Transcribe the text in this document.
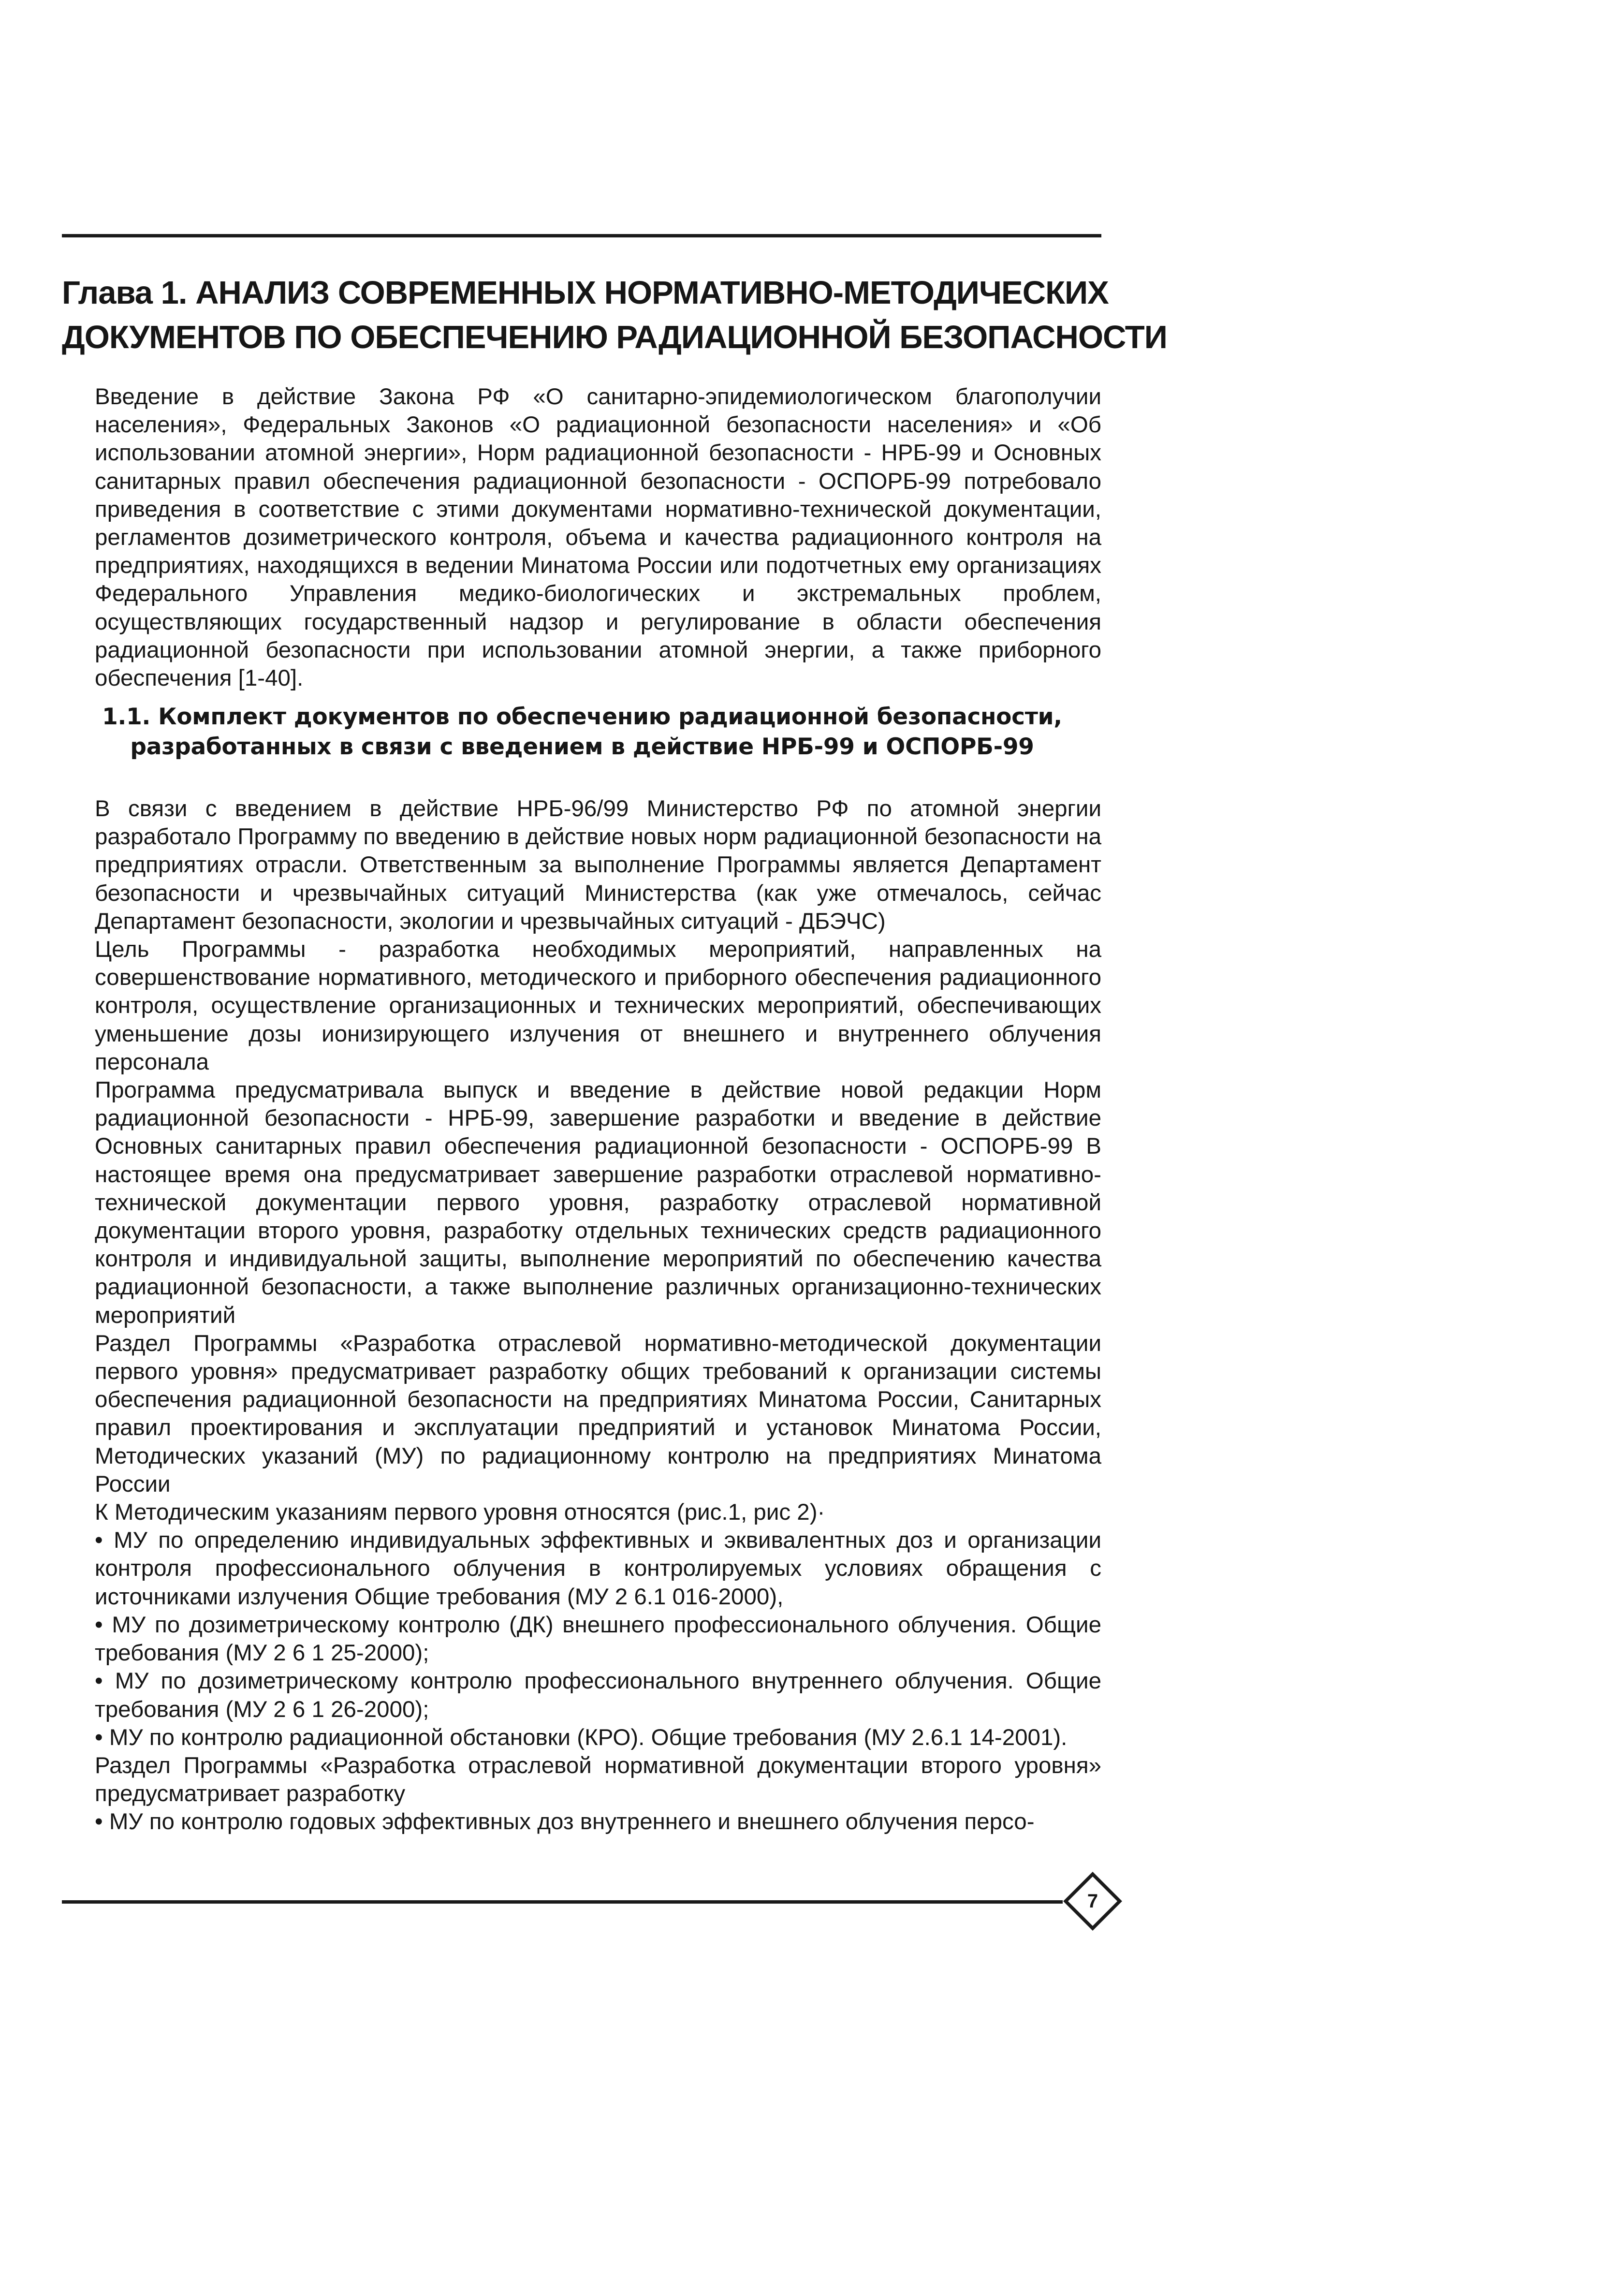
Глава 1. АНАЛИЗ СОВРЕМЕННЫХ НОРМАТИВНО-МЕТОДИЧЕСКИХ
ДОКУМЕНТОВ ПО ОБЕСПЕЧЕНИЮ РАДИАЦИОННОЙ БЕЗОПАСНОСТИ

Введение в действие Закона РФ «О санитарно-эпидемиологическом благополучии населения», Федеральных Законов «О радиационной безопасности населения» и «Об использовании атомной энергии», Норм радиационной безопасности - НРБ-99 и Основных санитарных правил обеспечения радиационной безопасности - ОСПОРБ-99 потребовало приведения в соответствие с этими документами нормативно-технической документации, регламентов дозиметрического контроля, объема и качества радиационного контроля на предприятиях, находящихся в ведении Минатома России или подотчетных ему организациях Федерального Управления медико-биологических и экстремальных проблем, осуществляющих государственный надзор и регулирование в области обеспечения радиационной безопасности при использовании атомной энергии, а также приборного обеспечения [1-40].

1.1. Комплект документов по обеспечению радиационной безопасности,
разработанных в связи с введением в действие НРБ-99 и ОСПОРБ-99

В связи с введением в действие НРБ-96/99 Министерство РФ по атомной энергии разработало Программу по введению в действие новых норм радиационной безопасности на предприятиях отрасли. Ответственным за выполнение Программы является Департамент безопасности и чрезвычайных ситуаций Министерства (как уже отмечалось, сейчас Департамент безопасности, экологии и чрезвычайных ситуаций - ДБЭЧС)

Цель Программы - разработка необходимых мероприятий, направленных на совершенствование нормативного, методического и приборного обеспечения радиационного контроля, осуществление организационных и технических мероприятий, обеспечивающих уменьшение дозы ионизирующего излучения от внешнего и внутреннего облучения персонала

Программа предусматривала выпуск и введение в действие новой редакции Норм радиационной безопасности - НРБ-99, завершение разработки и введение в действие Основных санитарных правил обеспечения радиационной безопасности - ОСПОРБ-99 В настоящее время она предусматривает завершение разработки отраслевой нормативно-технической документации первого уровня, разработку отраслевой нормативной документации второго уровня, разработку отдельных технических средств радиационного контроля и индивидуальной защиты, выполнение мероприятий по обеспечению качества радиационной безопасности, а также выполнение различных организационно-технических мероприятий

Раздел Программы «Разработка отраслевой нормативно-методической документации первого уровня» предусматривает разработку общих требований к организации системы обеспечения радиационной безопасности на предприятиях Минатома России, Санитарных правил проектирования и эксплуатации предприятий и установок Минатома России, Методических указаний (МУ) по радиационному контролю на предприятиях Минатома России

К Методическим указаниям первого уровня относятся (рис.1, рис 2)·

• МУ по определению индивидуальных эффективных и эквивалентных доз и организации контроля профессионального облучения в контролируемых условиях обращения с источниками излучения Общие требования (МУ 2 6.1 016-2000),

• МУ по дозиметрическому контролю (ДК) внешнего профессионального облучения. Общие требования (МУ 2 6 1 25-2000);

• МУ по дозиметрическому контролю профессионального внутреннего облучения. Общие требования (МУ 2 6 1 26-2000);

• МУ по контролю радиационной обстановки (КРО). Общие требования (МУ 2.6.1 14-2001).

Раздел Программы «Разработка отраслевой нормативной документации второго уровня» предусматривает разработку

• МУ по контролю годовых эффективных доз внутреннего и внешнего облучения персо-

7
